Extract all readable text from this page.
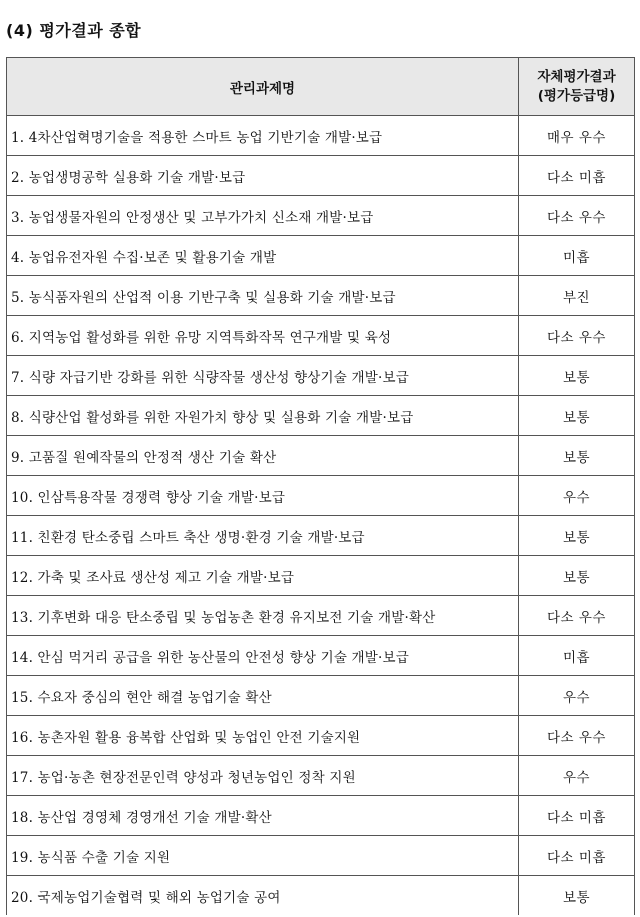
(4) 평가결과 종합
관리과제명	자체평가결과
(평가등급명)
1. 4차산업혁명기술을 적용한 스마트 농업 기반기술 개발·보급	매우 우수
2. 농업생명공학 실용화 기술 개발·보급	다소 미흡
3. 농업생물자원의 안정생산 및 고부가가치 신소재 개발·보급	다소 우수
4. 농업유전자원 수집·보존 및 활용기술 개발	미흡
5. 농식품자원의 산업적 이용 기반구축 및 실용화 기술 개발·보급	부진
6. 지역농업 활성화를 위한 유망 지역특화작목 연구개발 및 육성	다소 우수
7. 식량 자급기반 강화를 위한 식량작물 생산성 향상기술 개발·보급	보통
8. 식량산업 활성화를 위한 자원가치 향상 및 실용화 기술 개발·보급	보통
9. 고품질 원예작물의 안정적 생산 기술 확산	보통
10. 인삼특용작물 경쟁력 향상 기술 개발·보급	우수
11. 친환경 탄소중립 스마트 축산 생명·환경 기술 개발·보급	보통
12. 가축 및 조사료 생산성 제고 기술 개발·보급	보통
13. 기후변화 대응 탄소중립 및 농업농촌 환경 유지보전 기술 개발·확산	다소 우수
14. 안심 먹거리 공급을 위한 농산물의 안전성 향상 기술 개발·보급	미흡
15. 수요자 중심의 현안 해결 농업기술 확산	우수
16. 농촌자원 활용 융복합 산업화 및 농업인 안전 기술지원	다소 우수
17. 농업·농촌 현장전문인력 양성과 청년농업인 정착 지원	우수
18. 농산업 경영체 경영개선 기술 개발·확산	다소 미흡
19. 농식품 수출 기술 지원	다소 미흡
20. 국제농업기술협력 및 해외 농업기술 공여	보통
